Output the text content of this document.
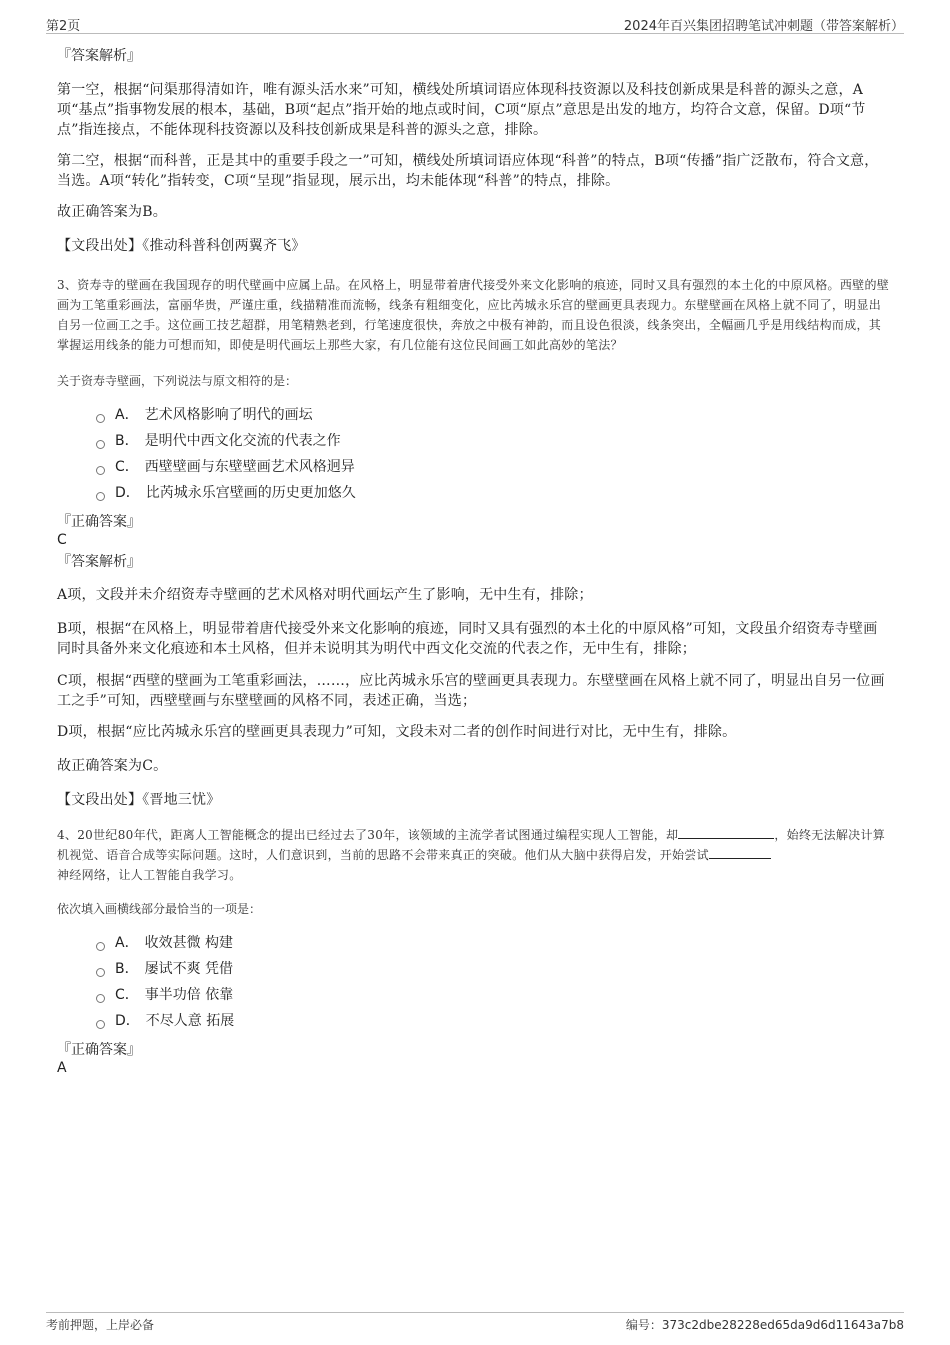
第2页	2024年百兴集团招聘笔试冲刺题（带答案解析）
『答案解析』
第一空，根据“问渠那得清如许，唯有源头活水来”可知，横线处所填词语应体现科技资源以及科技创新成果是科普的源头之意，A项“基点”指事物发展的根本，基础，B项“起点”指开始的地点或时间，C项“原点”意思是出发的地方，均符合文意，保留。D项“节点”指连接点，不能体现科技资源以及科技创新成果是科普的源头之意，排除。
第二空，根据“而科普，正是其中的重要手段之一”可知，横线处所填词语应体现“科普”的特点，B项“传播”指广泛散布，符合文意，当选。A项“转化”指转变，C项“呈现”指显现，展示出，均未能体现“科普”的特点，排除。
故正确答案为B。
【文段出处】《推动科普科创两翼齐飞》
3、资寿寺的壁画在我国现存的明代壁画中应属上品。在风格上，明显带着唐代接受外来文化影响的痕迹，同时又具有强烈的本土化的中原风格。西壁的壁画为工笔重彩画法，富丽华贵，严谨庄重，线描精准而流畅，线条有粗细变化，应比芮城永乐宫的壁画更具表现力。东壁壁画在风格上就不同了，明显出自另一位画工之手。这位画工技艺超群，用笔精熟老到，行笔速度很快，奔放之中极有神韵，而且设色很淡，线条突出，全幅画几乎是用线结构而成，其掌握运用线条的能力可想而知，即使是明代画坛上那些大家，有几位能有这位民间画工如此高妙的笔法？
关于资寿寺壁画，下列说法与原文相符的是：
A． 艺术风格影响了明代的画坛
B． 是明代中西文化交流的代表之作
C． 西壁壁画与东壁壁画艺术风格迥异
D． 比芮城永乐宫壁画的历史更加悠久
『正确答案』
C
『答案解析』
A项，文段并未介绍资寿寺壁画的艺术风格对明代画坛产生了影响，无中生有，排除；
B项，根据“在风格上，明显带着唐代接受外来文化影响的痕迹，同时又具有强烈的本土化的中原风格”可知，文段虽介绍资寿寺壁画同时具备外来文化痕迹和本土风格，但并未说明其为明代中西文化交流的代表之作，无中生有，排除；
C项，根据“西壁的壁画为工笔重彩画法，……，应比芮城永乐宫的壁画更具表现力。东壁壁画在风格上就不同了，明显出自另一位画工之手”可知，西壁壁画与东壁壁画的风格不同，表述正确，当选；
D项，根据“应比芮城永乐宫的壁画更具表现力”可知，文段未对二者的创作时间进行对比，无中生有，排除。
故正确答案为C。
【文段出处】《晋地三忧》
4、20世纪80年代，距离人工智能概念的提出已经过去了30年，该领域的主流学者试图通过编程实现人工智能，却	，始终无法解决计算机视觉、语音合成等实际问题。这时，人们意识到，当前的思路不会带来真正的突破。他们从大脑中获得启发，开始尝试
神经网络，让人工智能自我学习。
依次填入画横线部分最恰当的一项是：
A． 收效甚微 构建
B． 屡试不爽 凭借
C． 事半功倍 依靠
D． 不尽人意 拓展
『正确答案』
A
考前押题，上岸必备	编号：373c2dbe28228ed65da9d6d11643a7b8
